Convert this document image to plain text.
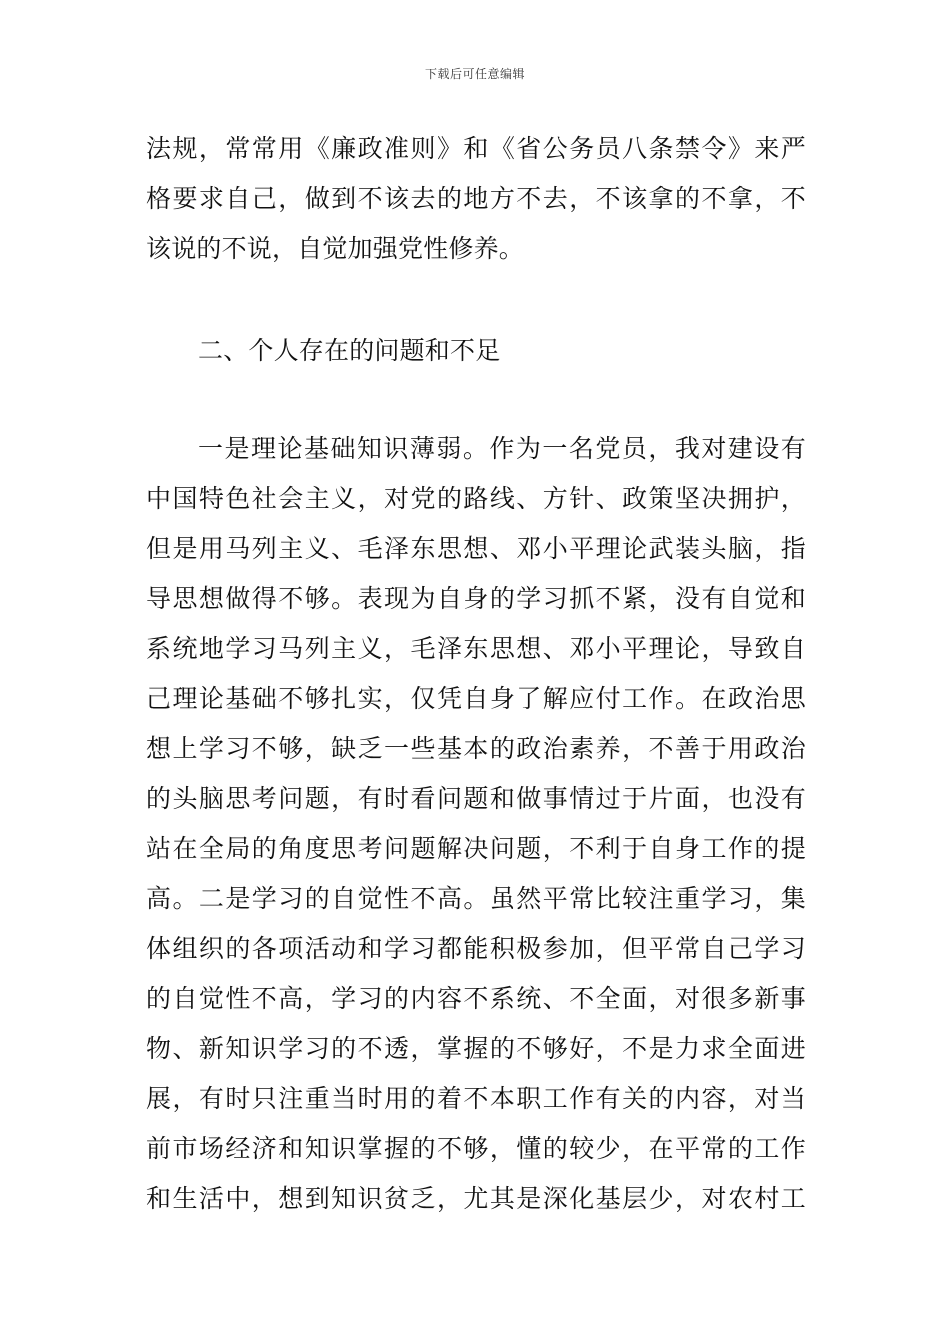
下载后可任意编辑
法规，常常用《廉政准则》和《省公务员八条禁令》来严
格要求自己，做到不该去的地方不去，不该拿的不拿，不
该说的不说，自觉加强党性修养。
二、个人存在的问题和不足
一是理论基础知识薄弱。作为一名党员，我对建设有
中国特色社会主义，对党的路线、方针、政策坚决拥护，
但是用马列主义、毛泽东思想、邓小平理论武装头脑，指
导思想做得不够。表现为自身的学习抓不紧，没有自觉和
系统地学习马列主义，毛泽东思想、邓小平理论，导致自
己理论基础不够扎实，仅凭自身了解应付工作。在政治思
想上学习不够，缺乏一些基本的政治素养，不善于用政治
的头脑思考问题，有时看问题和做事情过于片面，也没有
站在全局的角度思考问题解决问题，不利于自身工作的提
高。二是学习的自觉性不高。虽然平常比较注重学习，集
体组织的各项活动和学习都能积极参加，但平常自己学习
的自觉性不高，学习的内容不系统、不全面，对很多新事
物、新知识学习的不透，掌握的不够好，不是力求全面进
展，有时只注重当时用的着不本职工作有关的内容，对当
前市场经济和知识掌握的不够，懂的较少，在平常的工作
和生活中，想到知识贫乏，尤其是深化基层少，对农村工
